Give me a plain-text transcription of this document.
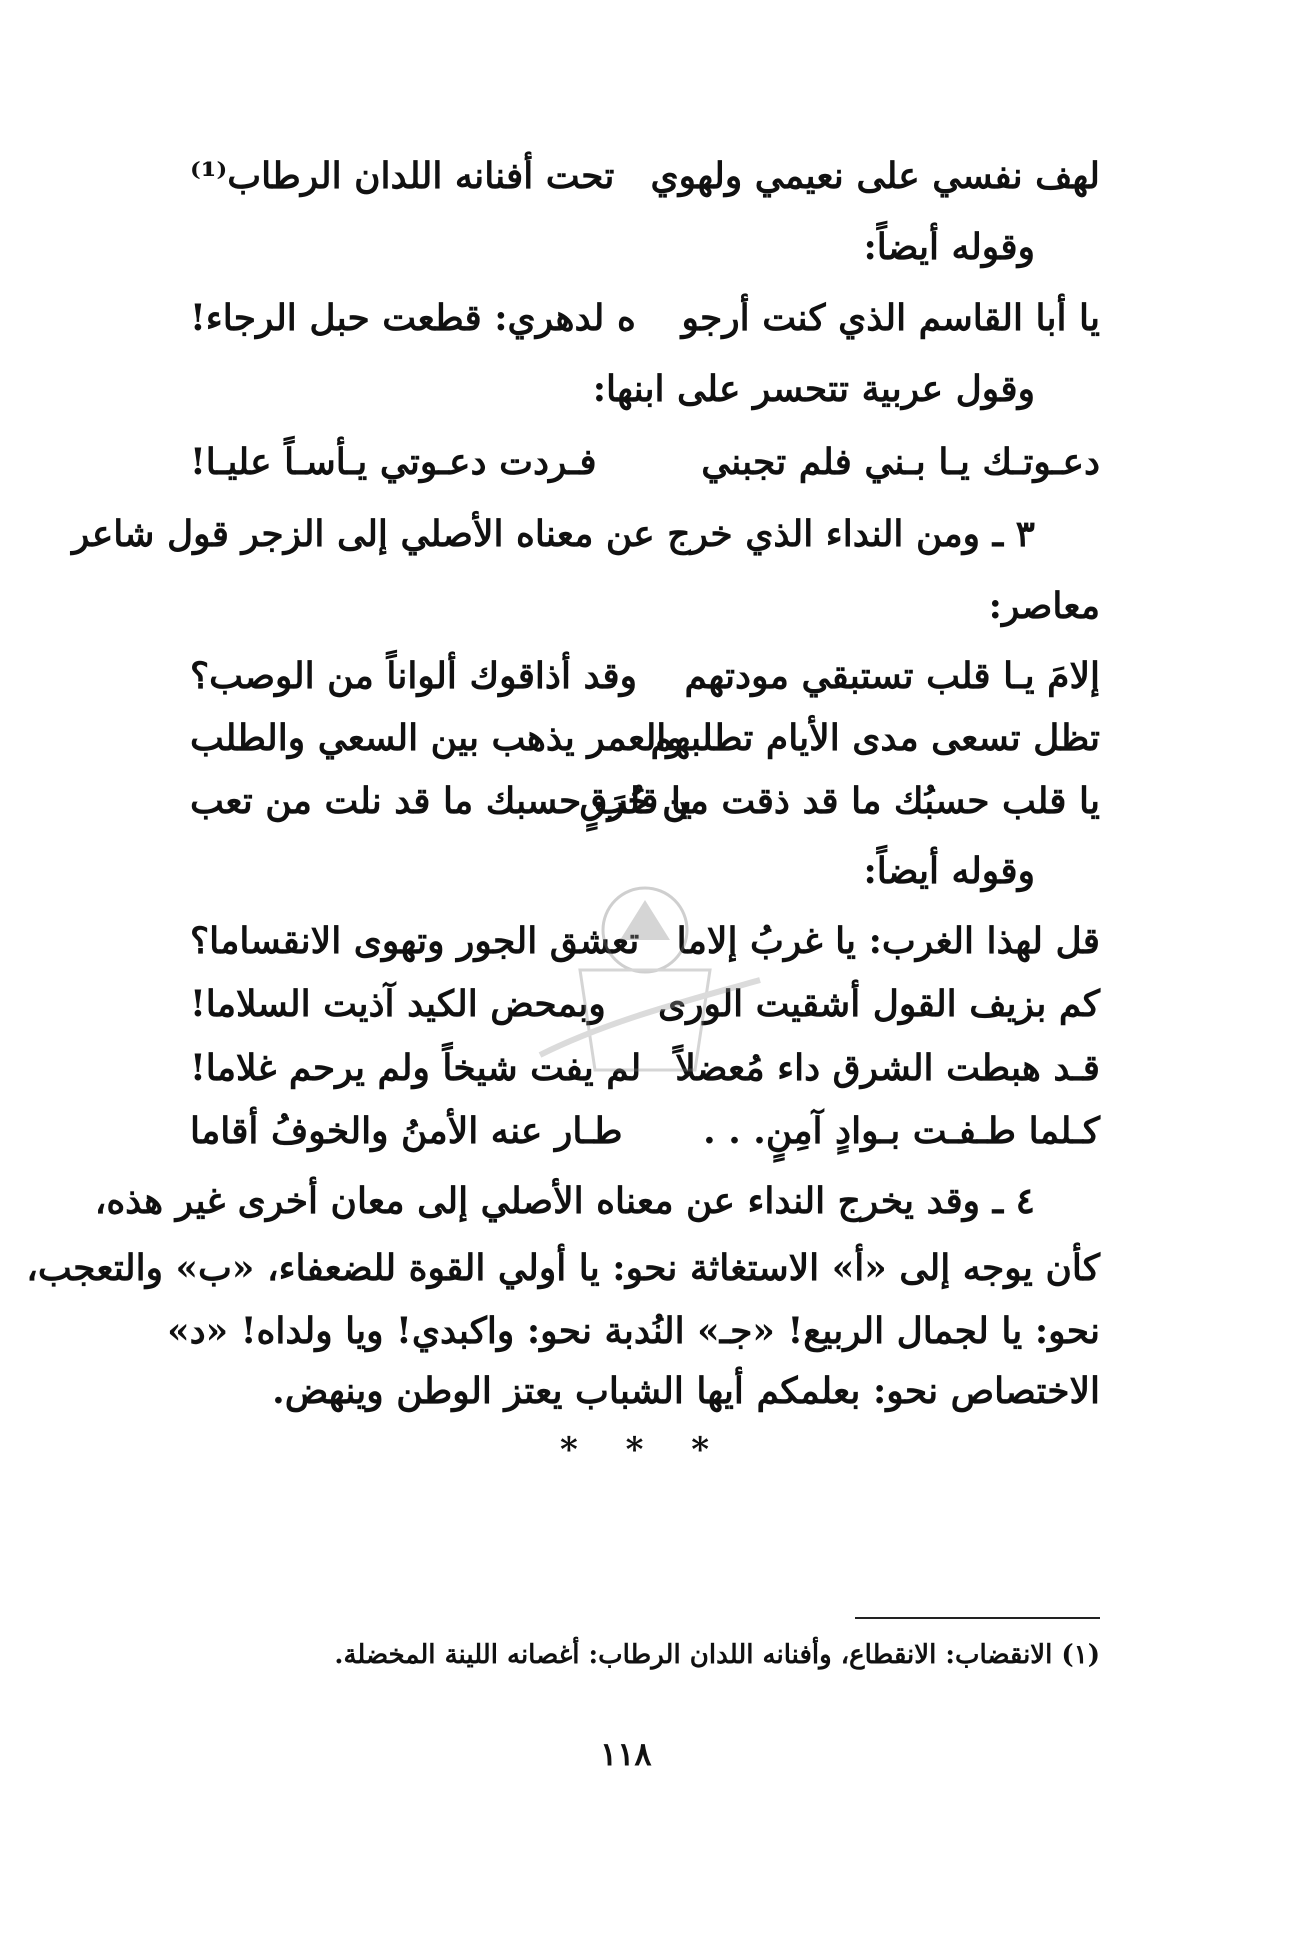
لهف نفسي على نعيمي ولهوي
تحت أفنانه اللدان الرطاب⁽¹⁾
وقوله أيضاً:
يا أبا القاسم الذي كنت أرجو
ه لدهري: قطعت حبل الرجاء!
وقول عربية تتحسر على ابنها:
دعـوتـك يـا بـني فلم تجبني
فـردت دعـوتي يـأسـاً عليـا!
٣ ـ ومن النداء الذي خرج عن معناه الأصلي إلى الزجر قول شاعر
معاصر:
إلامَ يـا قلب تستبقي مودتهم
وقد أذاقوك ألواناً من الوصب؟
تظل تسعى مدى الأيام تطلبهم
والعمر يذهب بين السعي والطلب
يا قلب حسبُك ما قد ذقت من حُرَقٍ
يا قلب حسبك ما قد نلت من تعب
وقوله أيضاً:
قل لهذا الغرب: يا غربُ إلاما
تعشق الجور وتهوى الانقساما؟
كم بزيف القول أشقيت الورى
وبمحض الكيد آذيت السلاما!
قـد هبطت الشرق داء مُعضلاً
لم يفت شيخاً ولم يرحم غلاما!
كـلما طـفـت بـوادٍ آمِنٍ. . .
طـار عنه الأمنُ والخوفُ أقاما
٤ ـ وقد يخرج النداء عن معناه الأصلي إلى معان أخرى غير هذه،
كأن يوجه إلى «أ» الاستغاثة نحو: يا أولي القوة للضعفاء، «ب» والتعجب،
نحو: يا لجمال الربيع! «جـ» النُدبة نحو: واكبدي! ويا ولداه! «د»
الاختصاص نحو: بعلمكم أيها الشباب يعتز الوطن وينهض.
* * *
(١) الانقضاب: الانقطاع، وأفنانه اللدان الرطاب: أغصانه اللينة المخضلة.
١١٨
